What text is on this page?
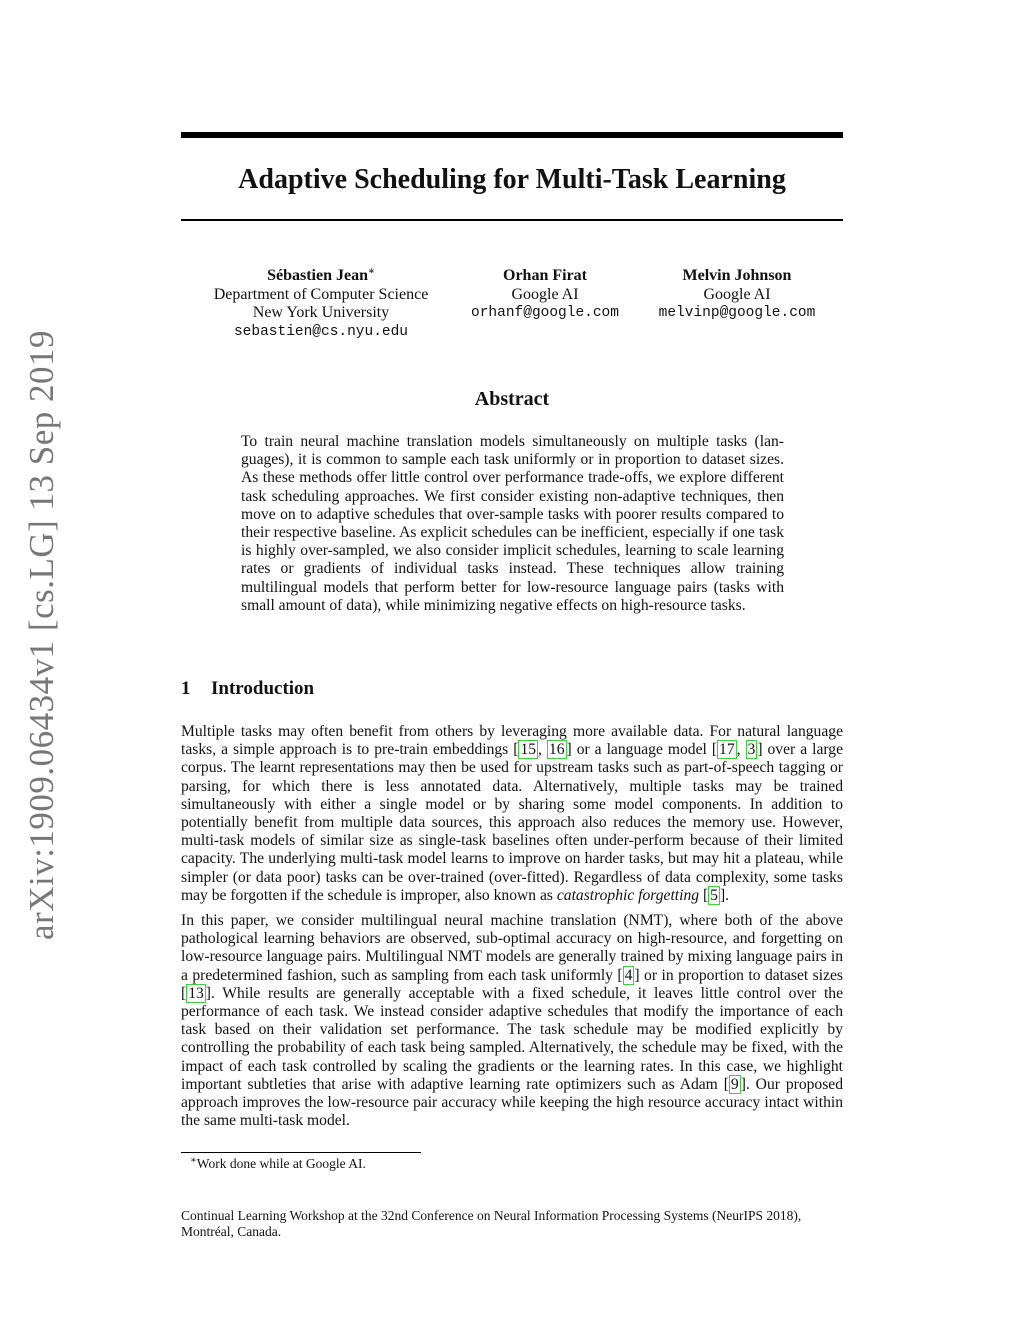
arXiv:1909.06434v1 [cs.LG] 13 Sep 2019
Adaptive Scheduling for Multi-Task Learning
Sébastien Jean∗
Department of Computer Science
New York University
sebastien@cs.nyu.edu
Orhan Firat
Google AI
orhanf@google.com
Melvin Johnson
Google AI
melvinp@google.com
Abstract
To train neural machine translation models simultaneously on multiple tasks (languages), it is common to sample each task uniformly or in proportion to dataset sizes. As these methods offer little control over performance trade-offs, we explore different task scheduling approaches. We first consider existing non-adaptive techniques, then move on to adaptive schedules that over-sample tasks with poorer results compared to their respective baseline. As explicit schedules can be inefficient, especially if one task is highly over-sampled, we also consider implicit schedules, learning to scale learning rates or gradients of individual tasks instead. These techniques allow training multilingual models that perform better for low-resource language pairs (tasks with small amount of data), while minimizing negative effects on high-resource tasks.
1 Introduction

Multiple tasks may often benefit from others by leveraging more available data. For natural language tasks, a simple approach is to pre-train embeddings [ 15 , 16 ] or a language model [ 17 , 3 ] over a large corpus. The learnt representations may then be used for upstream tasks such as part-of-speech tagging or parsing, for which there is less annotated data. Alternatively, multiple tasks may be trained simultaneously with either a single model or by sharing some model components. In addition to potentially benefit from multiple data sources, this approach also reduces the memory use. However, multi-task models of similar size as single-task baselines often under-perform because of their limited capacity. The underlying multi-task model learns to improve on harder tasks, but may hit a plateau, while simpler (or data poor) tasks can be over-trained (over-fitted). Regardless of data complexity, some tasks may be forgotten if the schedule is improper, also known as catastrophic forgetting [ 5 ].

In this paper, we consider multilingual neural machine translation (NMT), where both of the above pathological learning behaviors are observed, sub-optimal accuracy on high-resource, and forgetting on low-resource language pairs. Multilingual NMT models are generally trained by mixing language pairs in a predetermined fashion, such as sampling from each task uniformly [ 4 ] or in proportion to dataset sizes [ 13 ]. While results are generally acceptable with a fixed schedule, it leaves little control over the performance of each task. We instead consider adaptive schedules that modify the importance of each task based on their validation set performance. The task schedule may be modified explicitly by controlling the probability of each task being sampled. Alternatively, the schedule may be fixed, with the impact of each task controlled by scaling the gradients or the learning rates. In this case, we highlight important subtleties that arise with adaptive learning rate optimizers such as Adam [ 9 ]. Our proposed approach improves the low-resource pair accuracy while keeping the high resource accuracy intact within the same multi-task model.

∗Work done while at Google AI.
Continual Learning Workshop at the 32nd Conference on Neural Information Processing Systems (NeurIPS 2018), Montréal, Canada.
